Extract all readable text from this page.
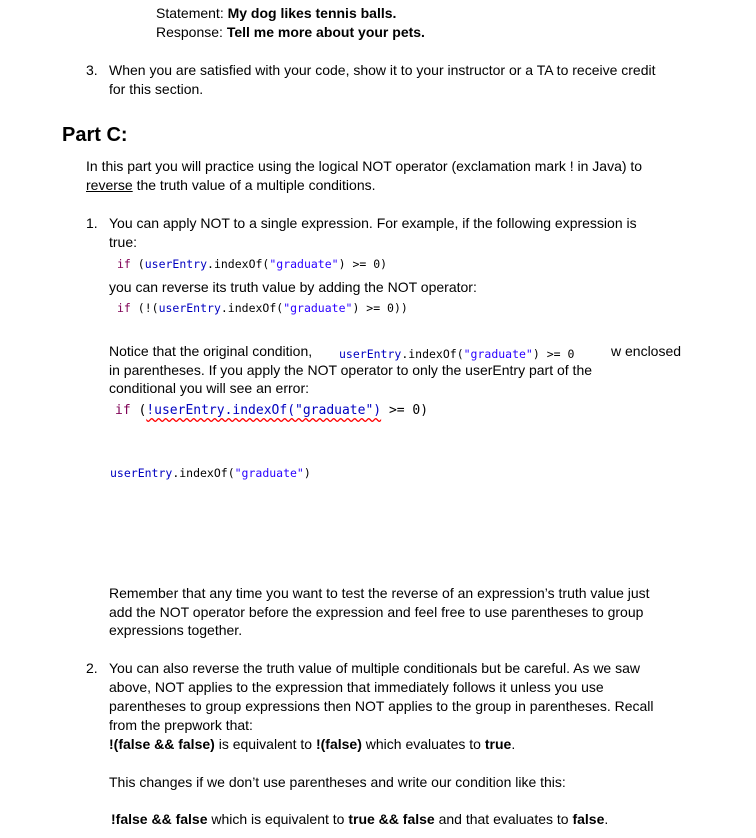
Statement: My dog likes tennis balls.
Response: Tell me more about your pets.
3. When you are satisfied with your code, show it to your instructor or a TA to receive credit
for this section.
Part C:
In this part you will practice using the logical NOT operator (exclamation mark ! in Java) to
reverse the truth value of a multiple conditions.
1. You can apply NOT to a single expression. For example, if the following expression is
true:
if (userEntry.indexOf("graduate") >= 0)
you can reverse its truth value by adding the NOT operator:
if (!(userEntry.indexOf("graduate") >= 0))
Notice that the original condition, userEntry.indexOf("graduate") >= 0	w enclosed
in parentheses. If you apply the NOT operator to only the userEntry part of the
conditional you will see an error:
if (!userEntry.indexOf("graduate") >= 0)
userEntry.indexOf("graduate")
Remember that any time you want to test the reverse of an expression’s truth value just
add the NOT operator before the expression and feel free to use parentheses to group
expressions together.
2. You can also reverse the truth value of multiple conditionals but be careful. As we saw
above, NOT applies to the expression that immediately follows it unless you use
parentheses to group expressions then NOT applies to the group in parentheses. Recall
from the prepwork that:
!(false && false) is equivalent to !(false) which evaluates to true.
This changes if we don’t use parentheses and write our condition like this:
!false && false which is equivalent to true && false and that evaluates to false.
